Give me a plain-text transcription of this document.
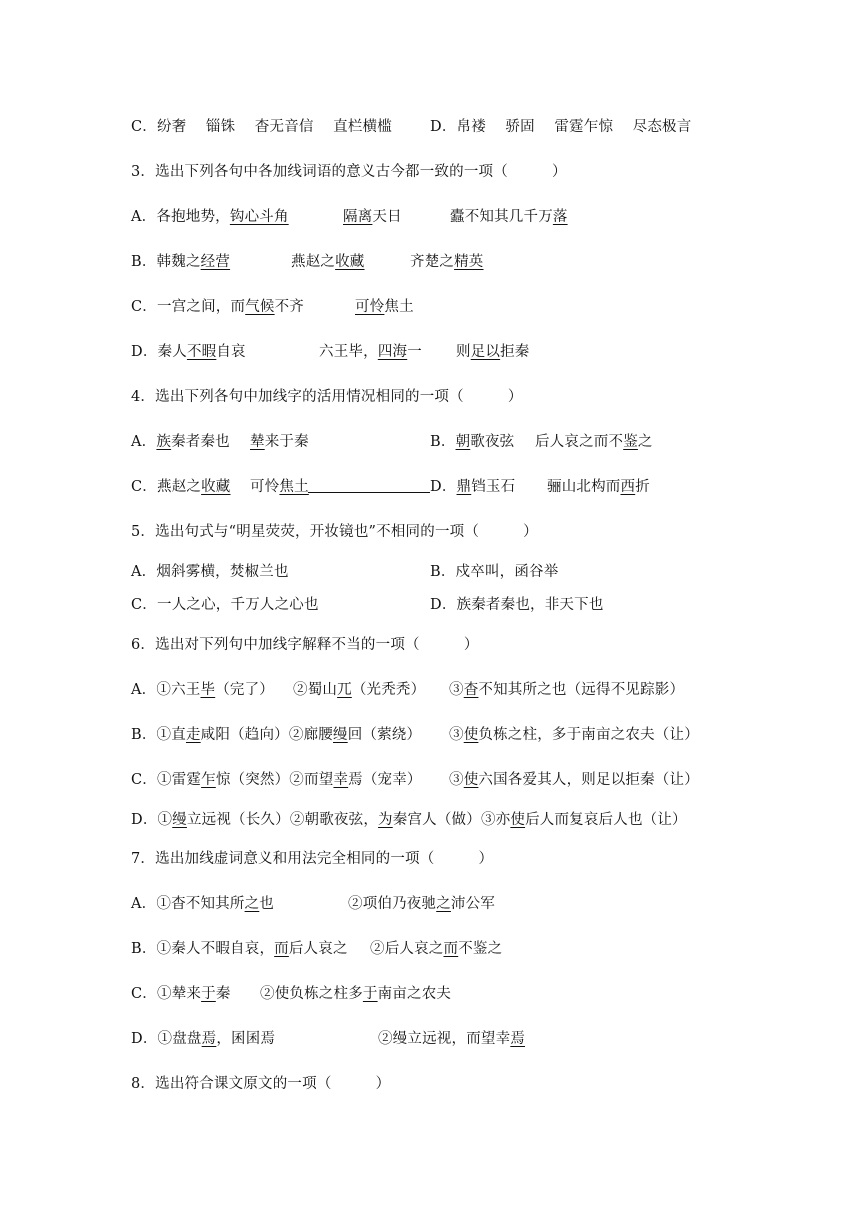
C．纷奢　 锱铢　 杳无音信　 直栏横槛	D．帛褛　 骄固　 雷霆乍惊　 尽态极言
3．选出下列各句中各加线词语的意义古今都一致的一项（　　　）
A．各抱地势，钩心斗角	隔离天日	蠹不知其几千万落
B．韩魏之经营	燕赵之收藏	齐楚之精英
C．一宫之间，而气候不齐	可怜焦土
D．秦人不暇自哀	六王毕，四海一 则足以拒秦
4．选出下列各句中加线字的活用情况相同的一项（　　　）
A．族秦者秦也 辇来于秦	B．朝歌夜弦 后人哀之而不鉴之
C．燕赵之收藏 可怜焦土	D．鼎铛玉石 骊山北构而西折
5．选出句式与“明星荧荧，开妆镜也”不相同的一项（　　　）
A．烟斜雾横，焚椒兰也	B．戍卒叫，函谷举
C．一人之心，千万人之心也	D．族秦者秦也，非天下也
6．选出对下列句中加线字解释不当的一项（　　　）
A．①六王毕（完了） ②蜀山兀（光秃秃） ③杳不知其所之也（远得不见踪影）
B．①直走咸阳（趋向）②廊腰缦回（萦绕） ③使负栋之柱，多于南亩之农夫（让）
C．①雷霆乍惊（突然）②而望幸焉（宠幸） ③使六国各爱其人，则足以拒秦（让）
D．①缦立远视（长久）②朝歌夜弦，为秦宫人（做）③亦使后人而复哀后人也（让）
7．选出加线虚词意义和用法完全相同的一项（　　　）
A．①杳不知其所之也	②项伯乃夜驰之沛公军
B．①秦人不暇自哀，而后人哀之 ②后人哀之而不鉴之
C．①辇来于秦 ②使负栋之柱多于南亩之农夫
D．①盘盘焉，囷囷焉	②缦立远视，而望幸焉
8．选出符合课文原文的一项（　　　）
